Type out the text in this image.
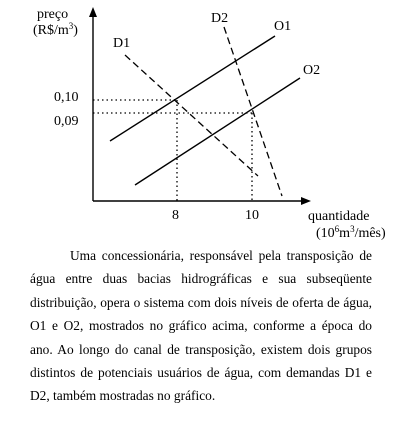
preço
$(R\$/m^3)$
quantidade
$(10^6m^3/mês)$
0,10
0,09
8	10
D1
D2
O1
O2

Uma concessionária, responsável pela transposição de água entre duas bacias hidrográficas e sua subseqüente distribuição, opera o sistema com dois níveis de oferta de água, O1 e O2, mostrados no gráfico acima, conforme a época do ano. Ao longo do canal de transposição, existem dois grupos distintos de potenciais usuários de água, com demandas D1 e D2, também mostradas no gráfico.
